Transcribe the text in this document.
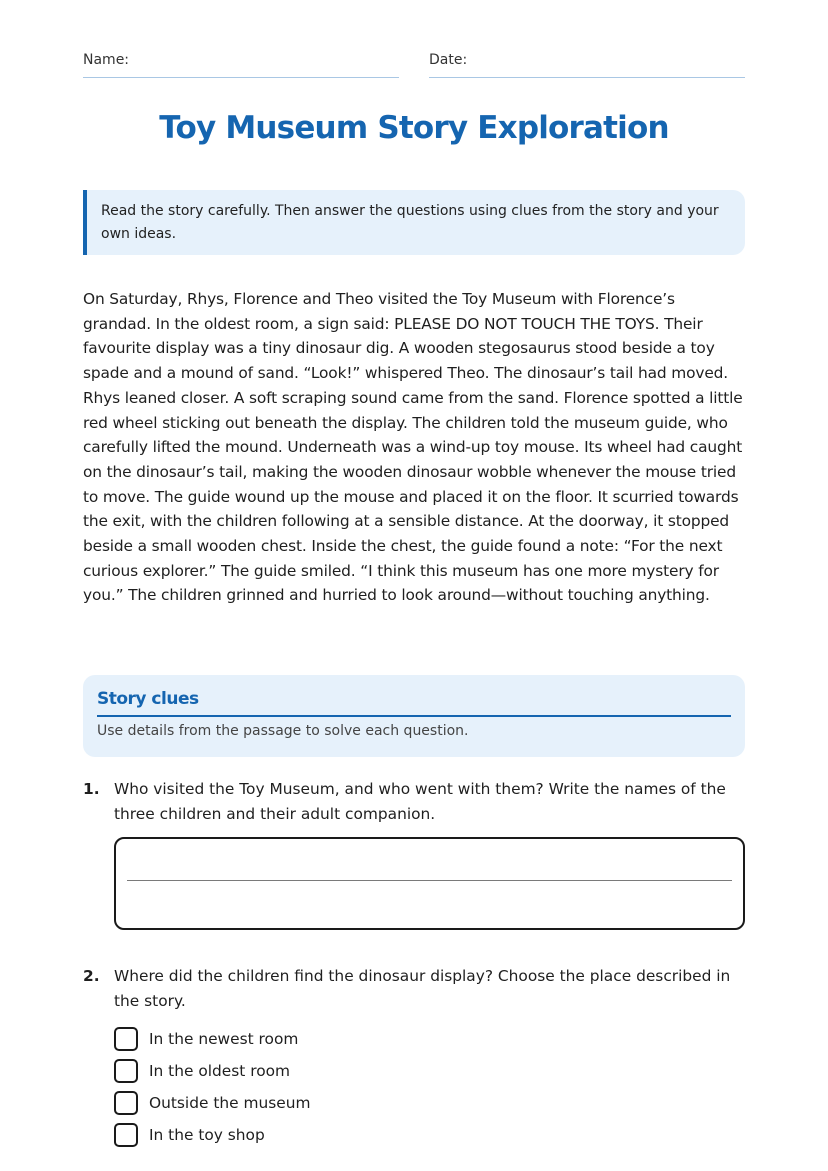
Name:	Date:
Toy Museum Story Exploration
Read the story carefully. Then answer the questions using clues from the story and your own ideas.
On Saturday, Rhys, Florence and Theo visited the Toy Museum with Florence’s grandad. In the oldest room, a sign said: PLEASE DO NOT TOUCH THE TOYS. Their favourite display was a tiny dinosaur dig. A wooden stegosaurus stood beside a toy spade and a mound of sand. “Look!” whispered Theo. The dinosaur’s tail had moved. Rhys leaned closer. A soft scraping sound came from the sand. Florence spotted a little red wheel sticking out beneath the display. The children told the museum guide, who carefully lifted the mound. Underneath was a wind-up toy mouse. Its wheel had caught on the dinosaur’s tail, making the wooden dinosaur wobble whenever the mouse tried to move. The guide wound up the mouse and placed it on the floor. It scurried towards the exit, with the children following at a sensible distance. At the doorway, it stopped beside a small wooden chest. Inside the chest, the guide found a note: “For the next curious explorer.” The guide smiled. “I think this museum has one more mystery for you.” The children grinned and hurried to look around—without touching anything.
Story clues
Use details from the passage to solve each question.
1. Who visited the Toy Museum, and who went with them? Write the names of the three children and their adult companion.
2. Where did the children find the dinosaur display? Choose the place described in the story.
In the newest room
In the oldest room
Outside the museum
In the toy shop
